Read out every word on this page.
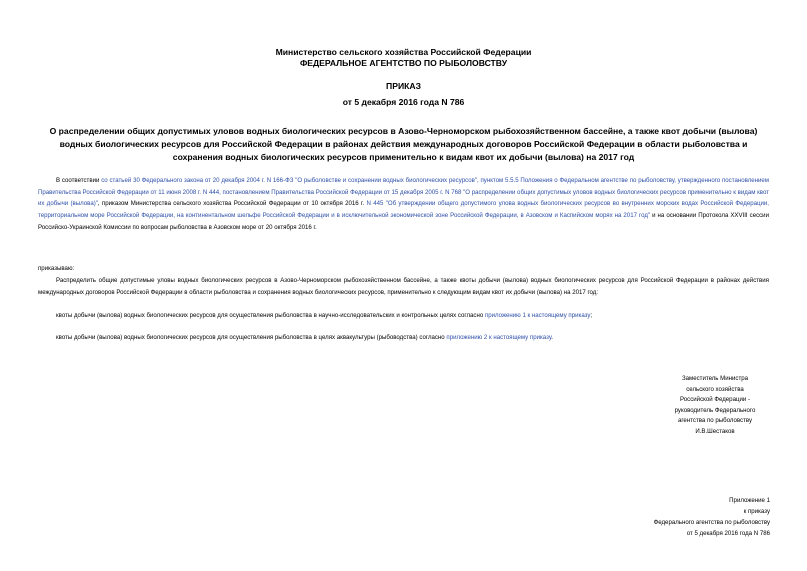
Министерство сельского хозяйства Российской Федерации
ФЕДЕРАЛЬНОЕ АГЕНТСТВО ПО РЫБОЛОВСТВУ
ПРИКАЗ
от 5 декабря 2016 года N 786
О распределении общих допустимых уловов водных биологических ресурсов в Азово-Черноморском рыбохозяйственном бассейне, а также квот добычи (вылова) водных биологических ресурсов для Российской Федерации в районах действия международных договоров Российской Федерации в области рыболовства и сохранения водных биологических ресурсов применительно к видам квот их добычи (вылова) на 2017 год
В соответствии со статьей 30 Федерального закона от 20 декабря 2004 г. N 166-ФЗ "О рыболовстве и сохранении водных биологических ресурсов", пунктом 5.5.5 Положения о Федеральном агентстве по рыболовству, утвержденного постановлением Правительства Российской Федерации от 11 июня 2008 г. N 444, постановлением Правительства Российской Федерации от 15 декабря 2005 г. N 768 "О распределении общих допустимых уловов водных биологических ресурсов применительно к видам квот их добычи (вылова)", приказом Министерства сельского хозяйства Российской Федерации от 10 октября 2016 г. N 445 "Об утверждении общего допустимого улова водных биологических ресурсов во внутренних морских водах Российской Федерации, территориальном море Российской Федерации, на континентальном шельфе Российской Федерации и в исключительной экономической зоне Российской Федерации, в Азовском и Каспийском морях на 2017 год" и на основании Протокола XXVIII сессии Российско-Украинской Комиссии по вопросам рыболовства в Азовском море от 20 октября 2016 г.
приказываю:
Распределить общие допустимые уловы водных биологических ресурсов в Азово-Черноморском рыбохозяйственном бассейне, а также квоты добычи (вылова) водных биологических ресурсов для Российской Федерации в районах действия международных договоров Российской Федерации в области рыболовства и сохранения водных биологических ресурсов, применительно к следующим видам квот их добычи (вылова) на 2017 год:
квоты добычи (вылова) водных биологических ресурсов для осуществления рыболовства в научно-исследовательских и контрольных целях согласно приложению 1 к настоящему приказу;
квоты добычи (вылова) водных биологических ресурсов для осуществления рыболовства в целях аквакультуры (рыбоводства) согласно приложению 2 к настоящему приказу.
Заместитель Министра
сельского хозяйства
Российской Федерации -
руководитель Федерального
агентства по рыболовству
И.В.Шестаков
Приложение 1
к приказу
Федерального агентства по рыболовству
от 5 декабря 2016 года N 786
